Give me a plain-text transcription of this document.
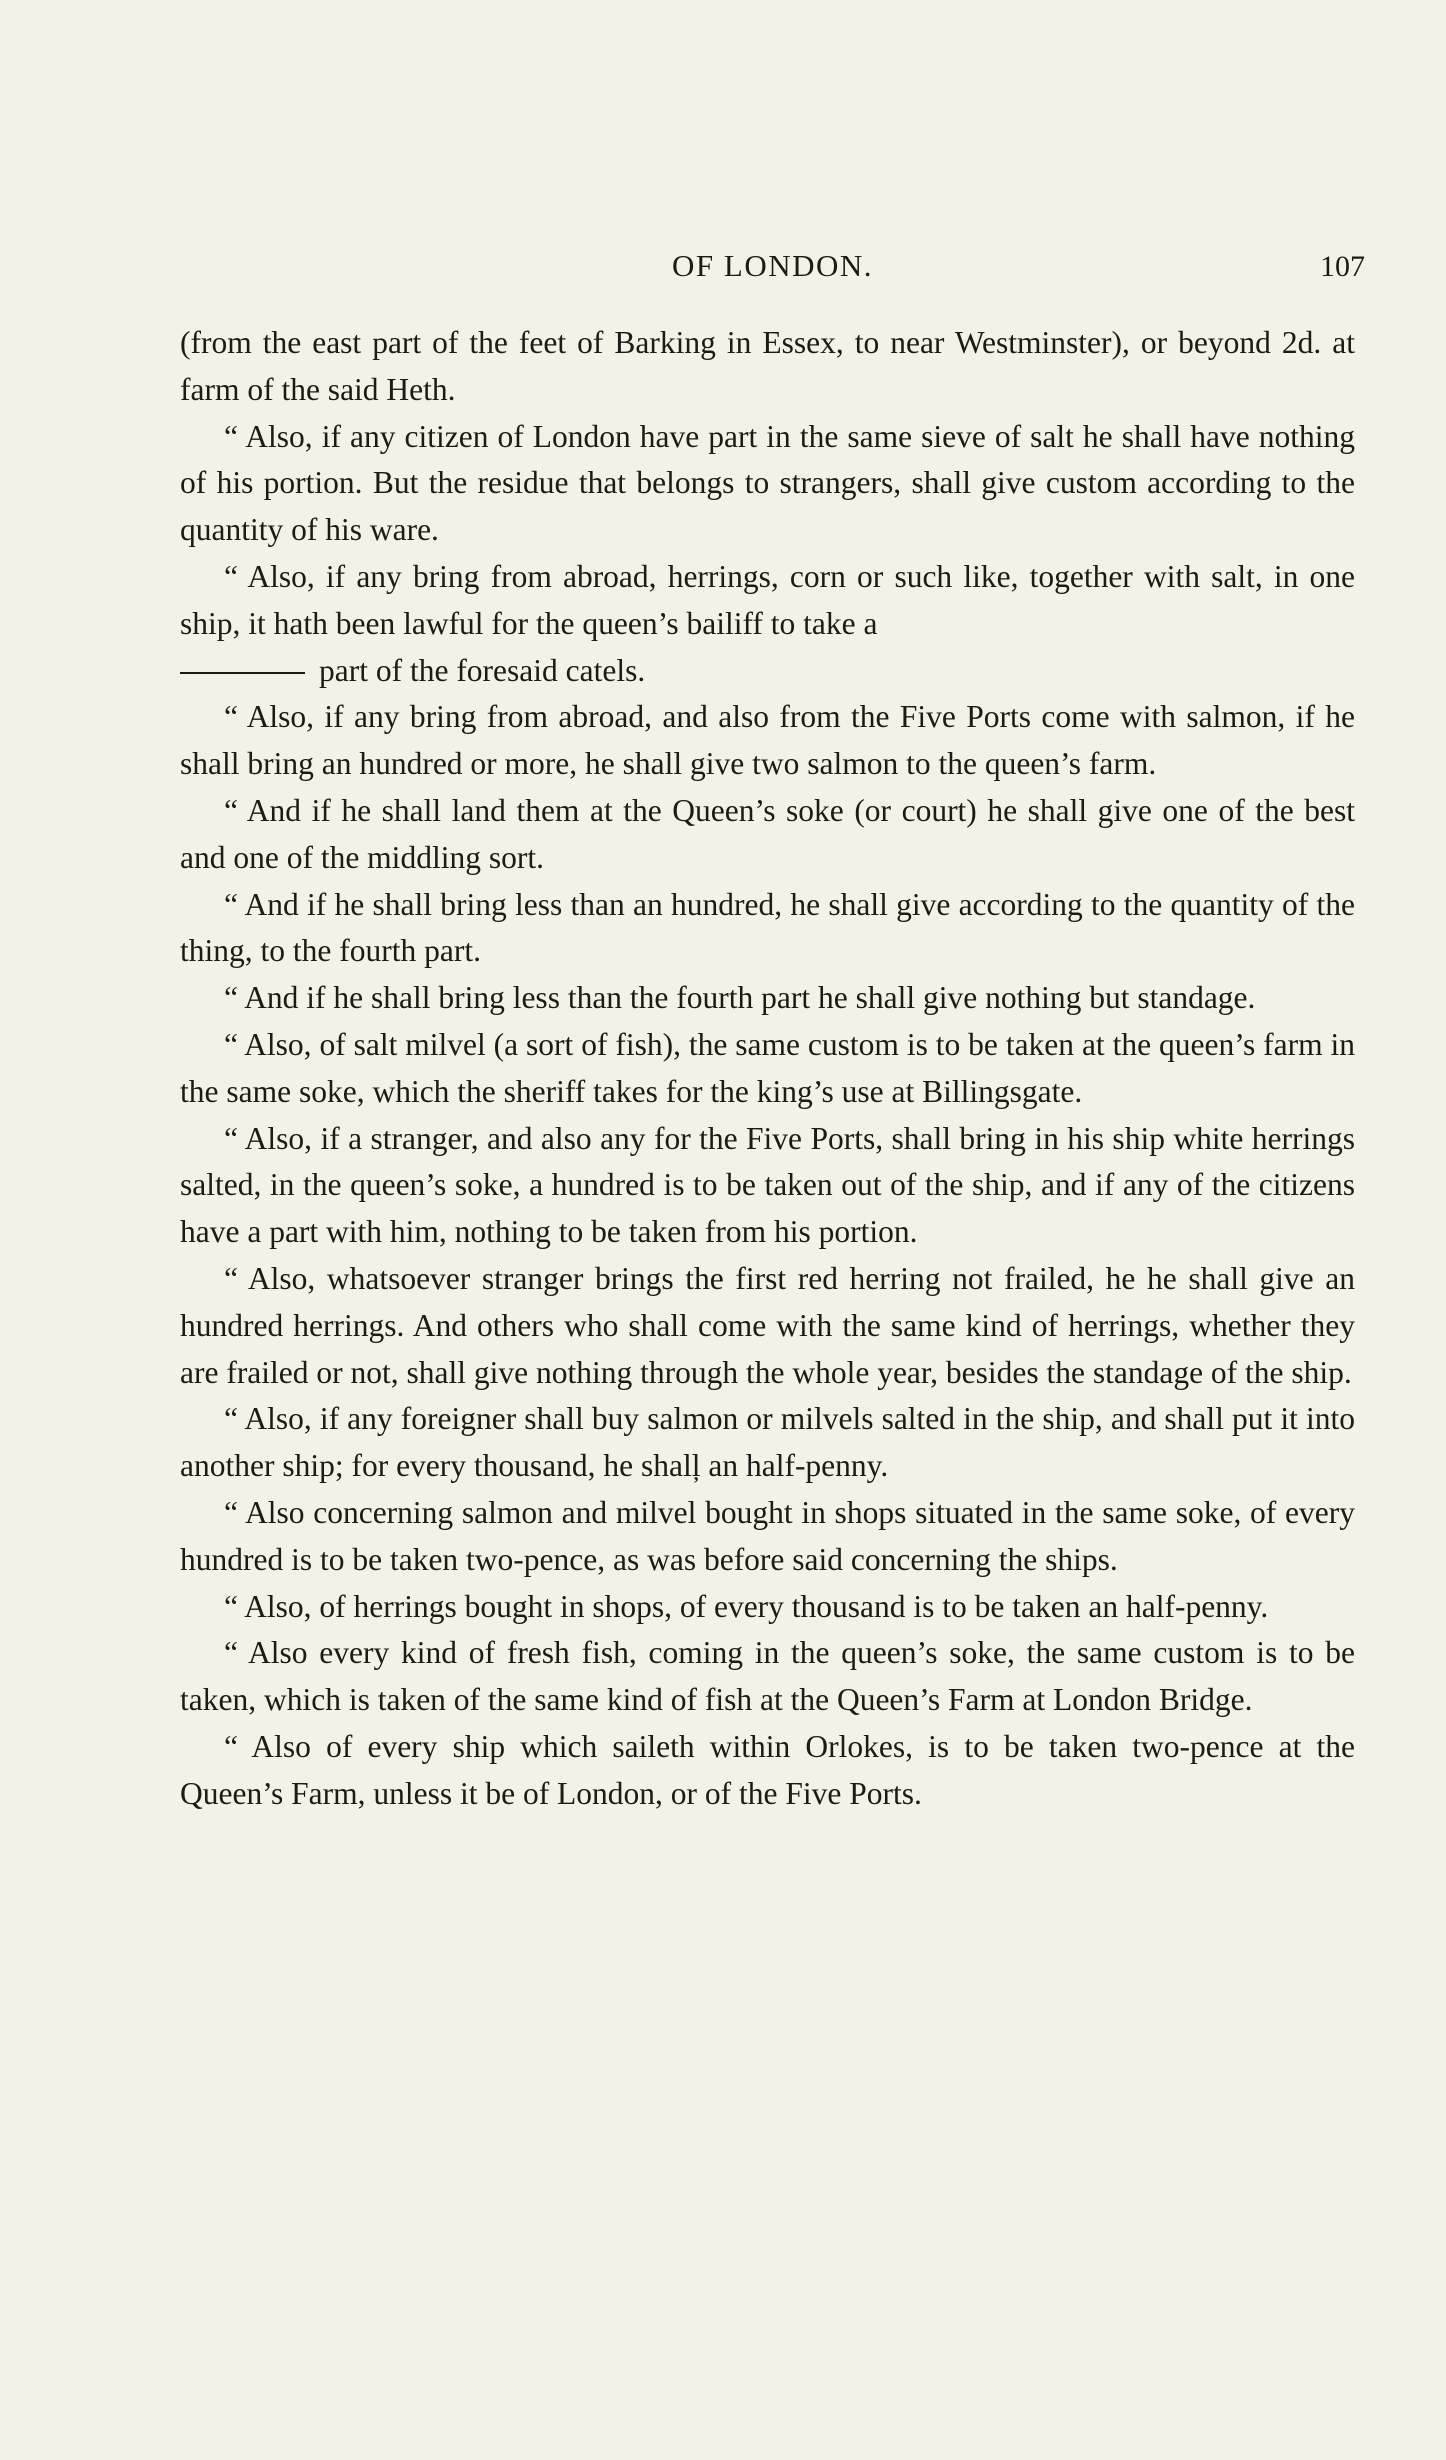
OF LONDON.	107

(from the east part of the feet of Barking in Essex, to near Westminster), or beyond 2d. at farm of the said Heth.

“ Also, if any citizen of London have part in the same sieve of salt he shall have nothing of his portion. But the residue that belongs to strangers, shall give custom according to the quantity of his ware.

“ Also, if any bring from abroad, herrings, corn or such like, together with salt, in one ship, it hath been lawful for the queen’s bailiff to take a

part of the foresaid catels.

“ Also, if any bring from abroad, and also from the Five Ports come with salmon, if he shall bring an hundred or more, he shall give two salmon to the queen’s farm.

“ And if he shall land them at the Queen’s soke (or court) he shall give one of the best and one of the middling sort.

“ And if he shall bring less than an hundred, he shall give according to the quantity of the thing, to the fourth part.

“ And if he shall bring less than the fourth part he shall give nothing but standage.

“ Also, of salt milvel (a sort of fish), the same custom is to be taken at the queen’s farm in the same soke, which the sheriff takes for the king’s use at Billingsgate.

“ Also, if a stranger, and also any for the Five Ports, shall bring in his ship white herrings salted, in the queen’s soke, a hundred is to be taken out of the ship, and if any of the citizens have a part with him, nothing to be taken from his portion.

“ Also, whatsoever stranger brings the first red herring not frailed, he he shall give an hundred herrings. And others who shall come with the same kind of herrings, whether they are frailed or not, shall give nothing through the whole year, besides the standage of the ship.

“ Also, if any foreigner shall buy salmon or milvels salted in the ship, and shall put it into another ship; for every thousand, he shalļ an half-penny.

“ Also concerning salmon and milvel bought in shops situated in the same soke, of every hundred is to be taken two-pence, as was before said concerning the ships.

“ Also, of herrings bought in shops, of every thousand is to be taken an half-penny.

“ Also every kind of fresh fish, coming in the queen’s soke, the same custom is to be taken, which is taken of the same kind of fish at the Queen’s Farm at London Bridge.

“ Also of every ship which saileth within Orlokes, is to be taken two-pence at the Queen’s Farm, unless it be of London, or of the Five Ports.
